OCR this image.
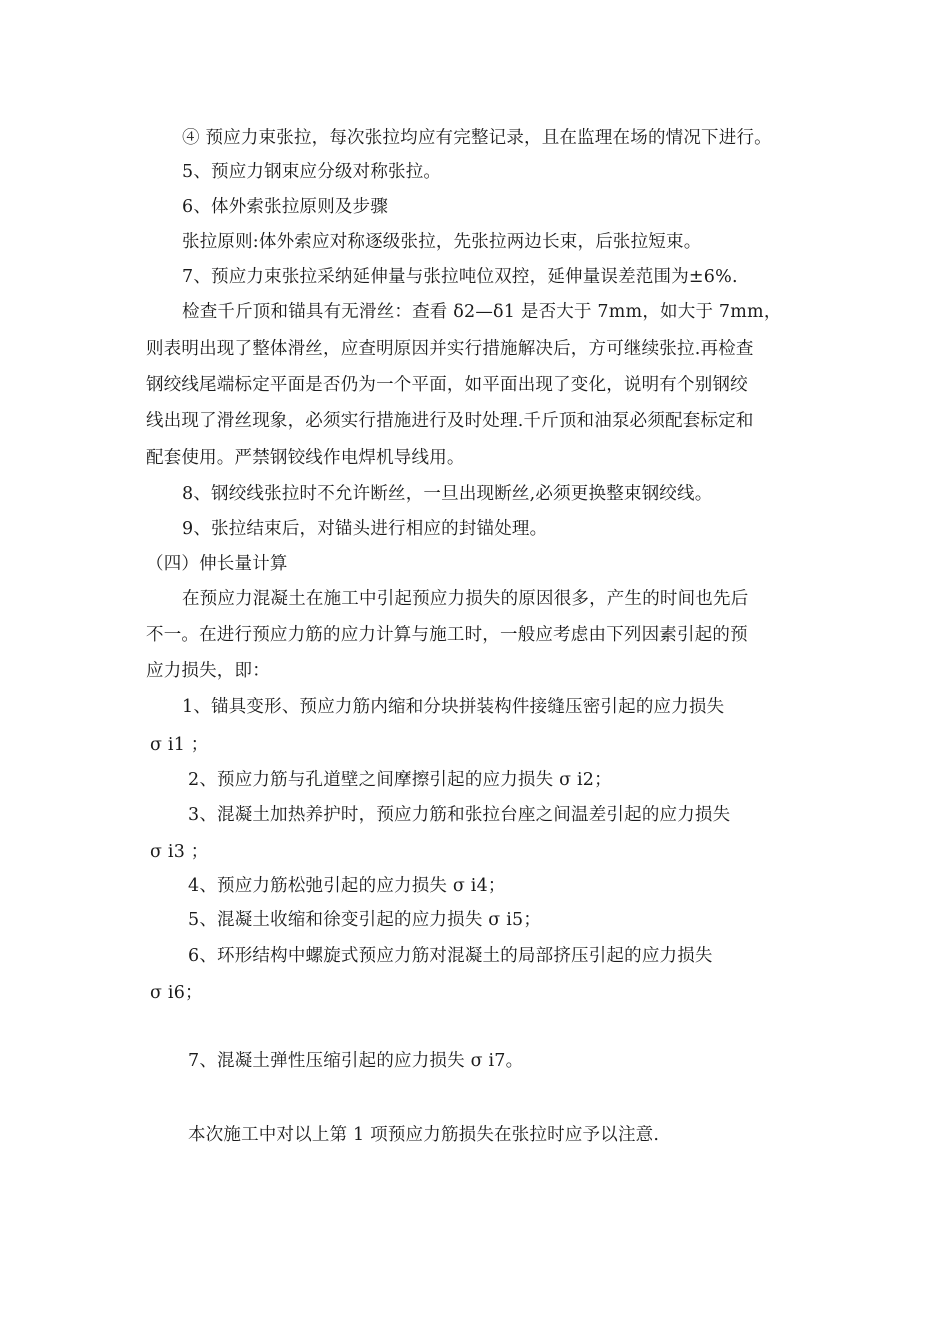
④ 预应力束张拉，每次张拉均应有完整记录，且在监理在场的情况下进行。
5、预应力钢束应分级对称张拉。
6、体外索张拉原则及步骤
张拉原则:体外索应对称逐级张拉，先张拉两边长束，后张拉短束。
7、预应力束张拉采纳延伸量与张拉吨位双控，延伸量误差范围为±6%.
检查千斤顶和锚具有无滑丝：查看 δ2—δ1 是否大于 7mm，如大于 7mm，
则表明出现了整体滑丝，应查明原因并实行措施解决后，方可继续张拉.再检查
钢绞线尾端标定平面是否仍为一个平面，如平面出现了变化，说明有个别钢绞
线出现了滑丝现象，必须实行措施进行及时处理.千斤顶和油泵必须配套标定和
配套使用。严禁钢铰线作电焊机导线用。
8、钢绞线张拉时不允许断丝，一旦出现断丝,必须更换整束钢绞线。
9、张拉结束后，对锚头进行相应的封锚处理。
（四）伸长量计算
在预应力混凝土在施工中引起预应力损失的原因很多，产生的时间也先后
不一。在进行预应力筋的应力计算与施工时，一般应考虑由下列因素引起的预
应力损失，即：
1、锚具变形、预应力筋内缩和分块拼装构件接缝压密引起的应力损失
σ i1 ；
2、预应力筋与孔道壁之间摩擦引起的应力损失 σ i2；
3、混凝土加热养护时，预应力筋和张拉台座之间温差引起的应力损失
σ i3 ；
4、预应力筋松弛引起的应力损失 σ i4；
5、混凝土收缩和徐变引起的应力损失 σ i5；
6、环形结构中螺旋式预应力筋对混凝土的局部挤压引起的应力损失
σ i6；
7、混凝土弹性压缩引起的应力损失 σ i7。
本次施工中对以上第 1 项预应力筋损失在张拉时应予以注意.
